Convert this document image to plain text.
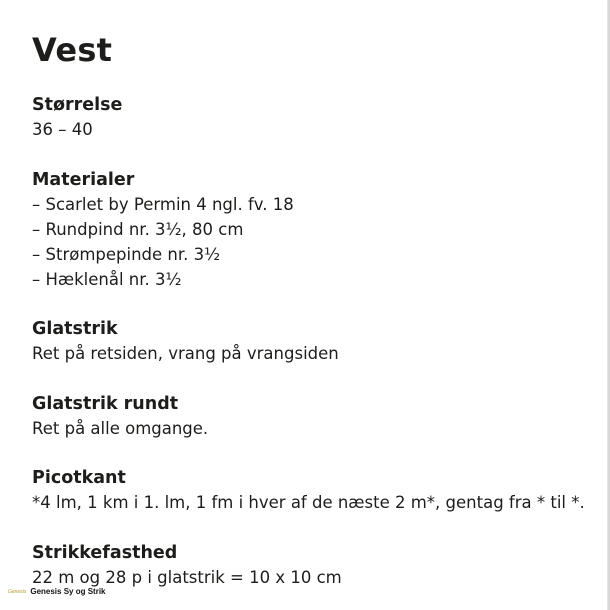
Vest
Størrelse

36 – 40

Materialer
– Scarlet by Permin 4 ngl. fv. 18
– Rundpind nr. 3½, 80 cm
– Strømpepinde nr. 3½
– Hæklenål nr. 3½
Glatstrik

Ret på retsiden, vrang på vrangsiden

Glatstrik rundt

Ret på alle omgange.

Picotkant

*4 lm, 1 km i 1. lm, 1 fm i hver af de næste 2 m*, gentag fra * til *.

Strikkefasthed

22 m og 28 p i glatstrik = 10 x 10 cm

Genesis Genesis Sy og Strik
